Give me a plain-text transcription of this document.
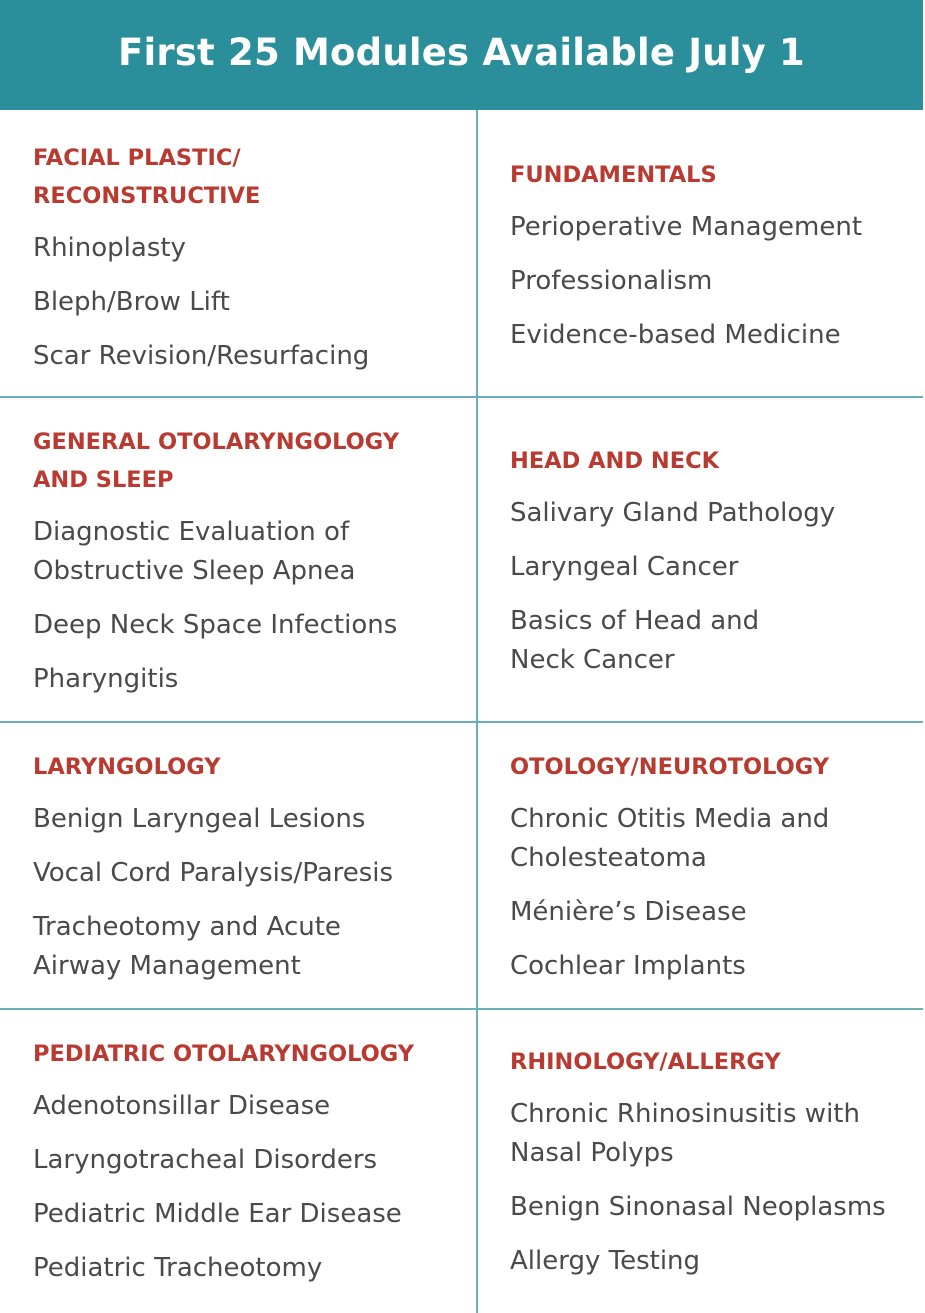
First 25 Modules Available July 1
FACIAL PLASTIC/ RECONSTRUCTIVE
Rhinoplasty
Bleph/Brow Lift
Scar Revision/Resurfacing
FUNDAMENTALS
Perioperative Management
Professionalism
Evidence-based Medicine
GENERAL OTOLARYNGOLOGY AND SLEEP
Diagnostic Evaluation of Obstructive Sleep Apnea
Deep Neck Space Infections
Pharyngitis
HEAD AND NECK
Salivary Gland Pathology
Laryngeal Cancer
Basics of Head and Neck Cancer
LARYNGOLOGY
Benign Laryngeal Lesions
Vocal Cord Paralysis/Paresis
Tracheotomy and Acute Airway Management
OTOLOGY/NEUROTOLOGY
Chronic Otitis Media and Cholesteatoma
Ménière’s Disease
Cochlear Implants
PEDIATRIC OTOLARYNGOLOGY
Adenotonsillar Disease
Laryngotracheal Disorders
Pediatric Middle Ear Disease
Pediatric Tracheotomy
RHINOLOGY/ALLERGY
Chronic Rhinosinusitis with Nasal Polyps
Benign Sinonasal Neoplasms
Allergy Testing
